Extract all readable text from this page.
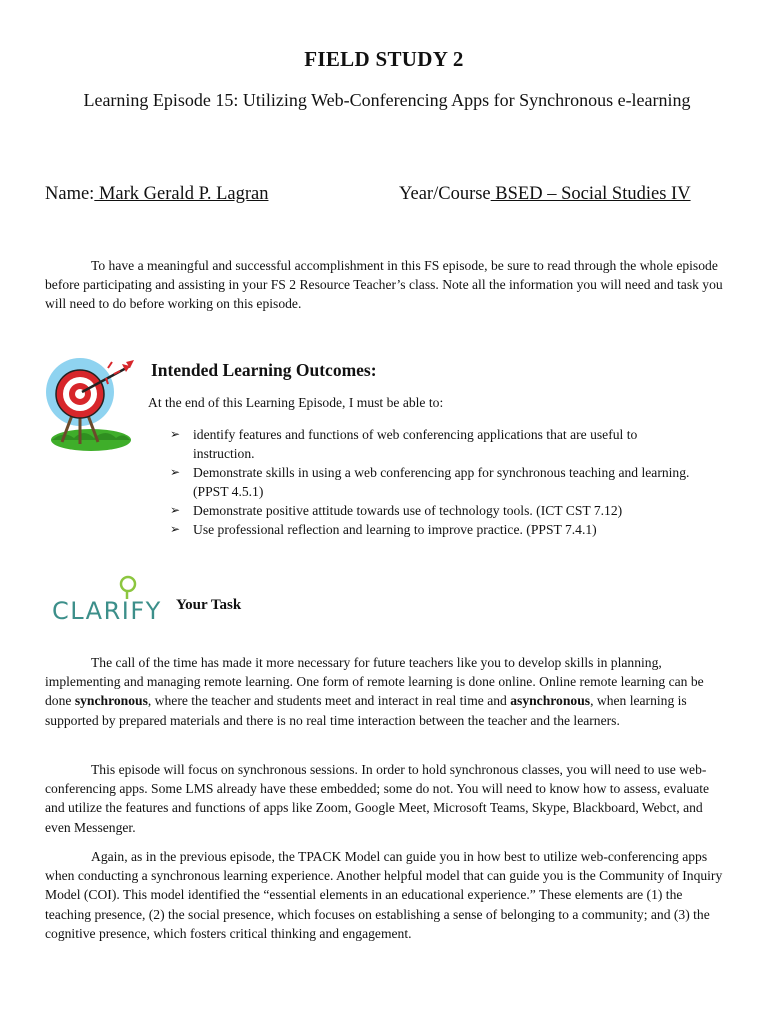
FIELD STUDY 2
Learning Episode 15: Utilizing Web-Conferencing Apps for Synchronous e-learning
Name: Mark Gerald P. Lagran	Year/Course BSED – Social Studies IV

To have a meaningful and successful accomplishment in this FS episode, be sure to read through the whole episode before participating and assisting in your FS 2 Resource Teacher’s class. Note all the information you will need and task you will need to do before working on this episode.

Intended Learning Outcomes:
At the end of this Learning Episode, I must be able to:
➢ identify features and functions of web conferencing applications that are useful to instruction.
➢ Demonstrate skills in using a web conferencing app for synchronous teaching and learning. (PPST 4.5.1)
➢ Demonstrate positive attitude towards use of technology tools. (ICT CST 7.12)
➢ Use professional reflection and learning to improve practice. (PPST 7.4.1)
CLARIFY Your Task

The call of the time has made it more necessary for future teachers like you to develop skills in planning, implementing and managing remote learning. One form of remote learning is done online. Online remote learning can be done synchronous, where the teacher and students meet and interact in real time and asynchronous, when learning is supported by prepared materials and there is no real time interaction between the teacher and the learners.

This episode will focus on synchronous sessions. In order to hold synchronous classes, you will need to use web-conferencing apps. Some LMS already have these embedded; some do not. You will need to know how to assess, evaluate and utilize the features and functions of apps like Zoom, Google Meet, Microsoft Teams, Skype, Blackboard, Webct, and even Messenger.

Again, as in the previous episode, the TPACK Model can guide you in how best to utilize web-conferencing apps when conducting a synchronous learning experience. Another helpful model that can guide you is the Community of Inquiry Model (COI). This model identified the “essential elements in an educational experience.” These elements are (1) the teaching presence, (2) the social presence, which focuses on establishing a sense of belonging to a community; and (3) the cognitive presence, which fosters critical thinking and engagement.
